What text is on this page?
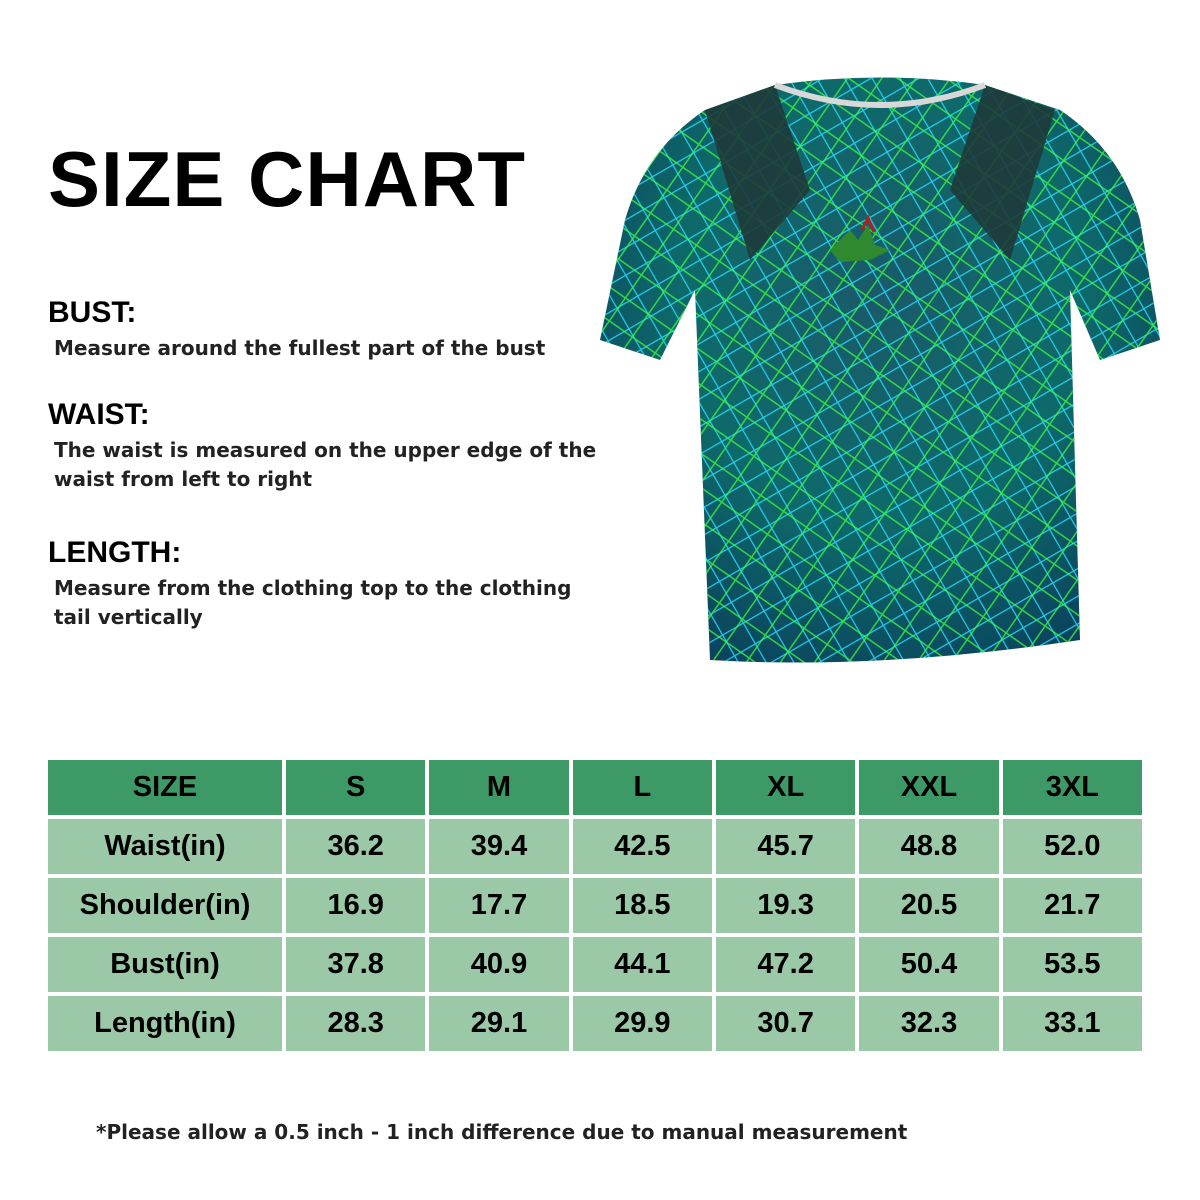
SIZE CHART
BUST:
Measure around the fullest part of the bust
WAIST:
The waist is measured on the upper edge of the waist from left to right
LENGTH:
Measure from the clothing top to the clothing tail vertically
SIZE	S	M	L	XL	XXL	3XL
Waist(in)	36.2	39.4	42.5	45.7	48.8	52.0
Shoulder(in)	16.9	17.7	18.5	19.3	20.5	21.7
Bust(in)	37.8	40.9	44.1	47.2	50.4	53.5
Length(in)	28.3	29.1	29.9	30.7	32.3	33.1
*Please allow a 0.5 inch - 1 inch difference due to manual measurement
